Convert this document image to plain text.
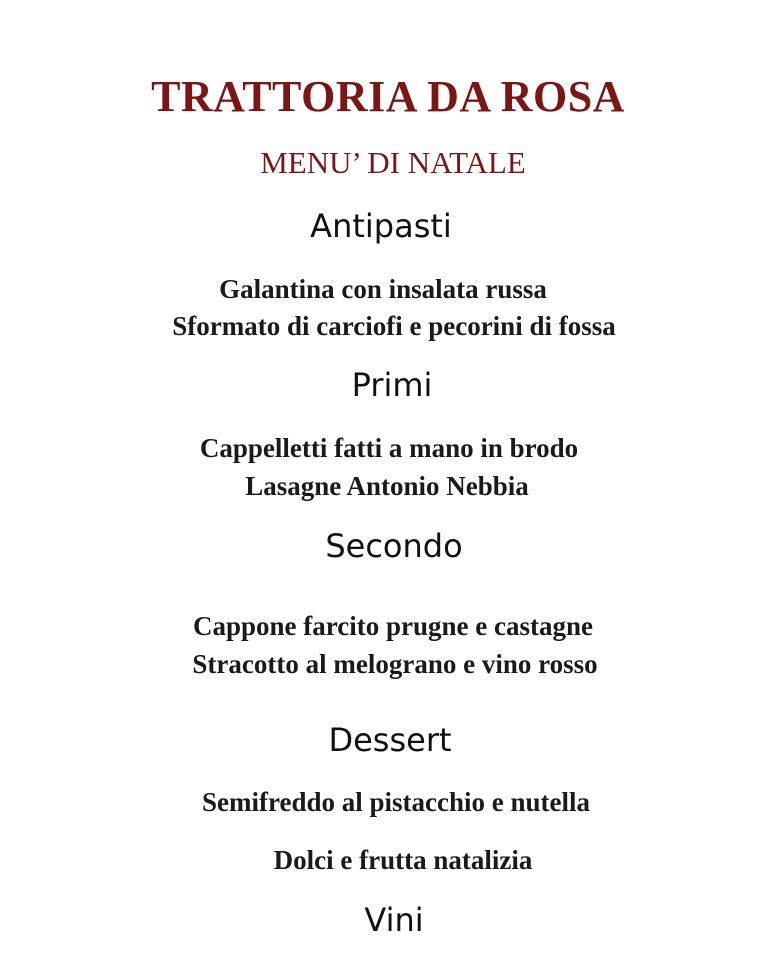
TRATTORIA DA ROSA
MENU’ DI NATALE
Antipasti
Galantina con insalata russa
Sformato di carciofi e pecorini di fossa
Primi
Cappelletti fatti a mano in brodo
Lasagne Antonio Nebbia
Secondo
Cappone farcito prugne e castagne
Stracotto al melograno e vino rosso
Dessert
Semifreddo al pistacchio e nutella
Dolci e frutta natalizia
Vini
